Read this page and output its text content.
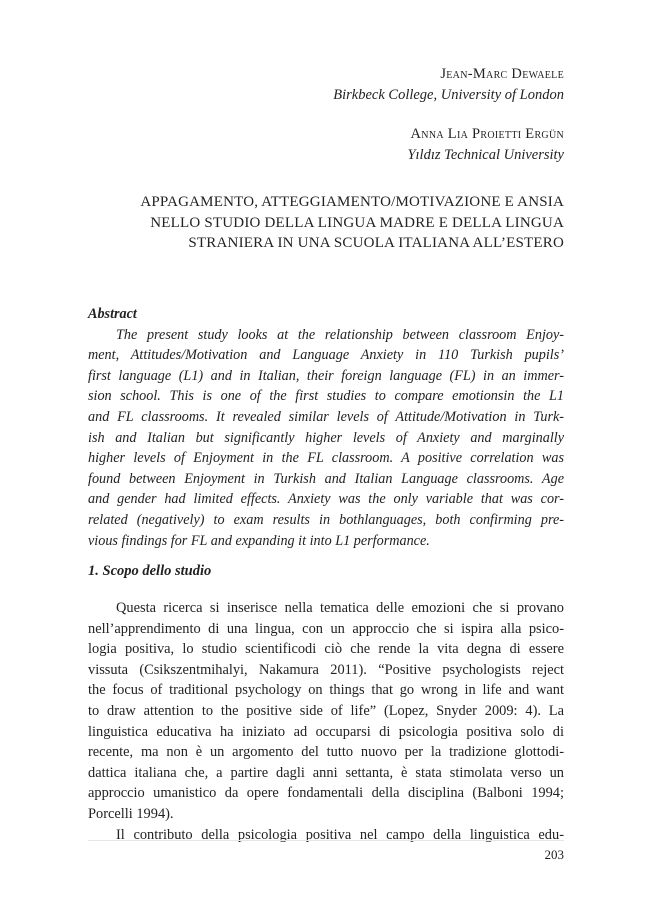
Jean-Marc Dewaele
Birkbeck College, University of London
Anna Lia Proietti Ergün
Yıldız Technical University
APPAGAMENTO, ATTEGGIAMENTO/MOTIVAZIONE E ANSIA
NELLO STUDIO DELLA LINGUA MADRE E DELLA LINGUA
STRANIERA IN UNA SCUOLA ITALIANA ALL’ESTERO
Abstract
The present study looks at the relationship between classroom Enjoy-
ment, Attitudes/Motivation and Language Anxiety in 110 Turkish pupils’
first language (L1) and in Italian, their foreign language (FL) in an immer-
sion school. This is one of the first studies to compare emotionsin the L1
and FL classrooms. It revealed similar levels of Attitude/Motivation in Turk-
ish and Italian but significantly higher levels of Anxiety and marginally
higher levels of Enjoyment in the FL classroom. A positive correlation was
found between Enjoyment in Turkish and Italian Language classrooms. Age
and gender had limited effects. Anxiety was the only variable that was cor-
related (negatively) to exam results in bothlanguages, both confirming pre-
vious findings for FL and expanding it into L1 performance.
1. Scopo dello studio
Questa ricerca si inserisce nella tematica delle emozioni che si provano
nell’apprendimento di una lingua, con un approccio che si ispira alla psico-
logia positiva, lo studio scientificodi ciò che rende la vita degna di essere
vissuta (Csikszentmihalyi, Nakamura 2011). “Positive psychologists reject
the focus of traditional psychology on things that go wrong in life and want
to draw attention to the positive side of life” (Lopez, Snyder 2009: 4). La
linguistica educativa ha iniziato ad occuparsi di psicologia positiva solo di
recente, ma non è un argomento del tutto nuovo per la tradizione glottodi-
dattica italiana che, a partire dagli anni settanta, è stata stimolata verso un
approccio umanistico da opere fondamentali della disciplina (Balboni 1994;
Porcelli 1994).
Il contributo della psicologia positiva nel campo della linguistica edu-
203
